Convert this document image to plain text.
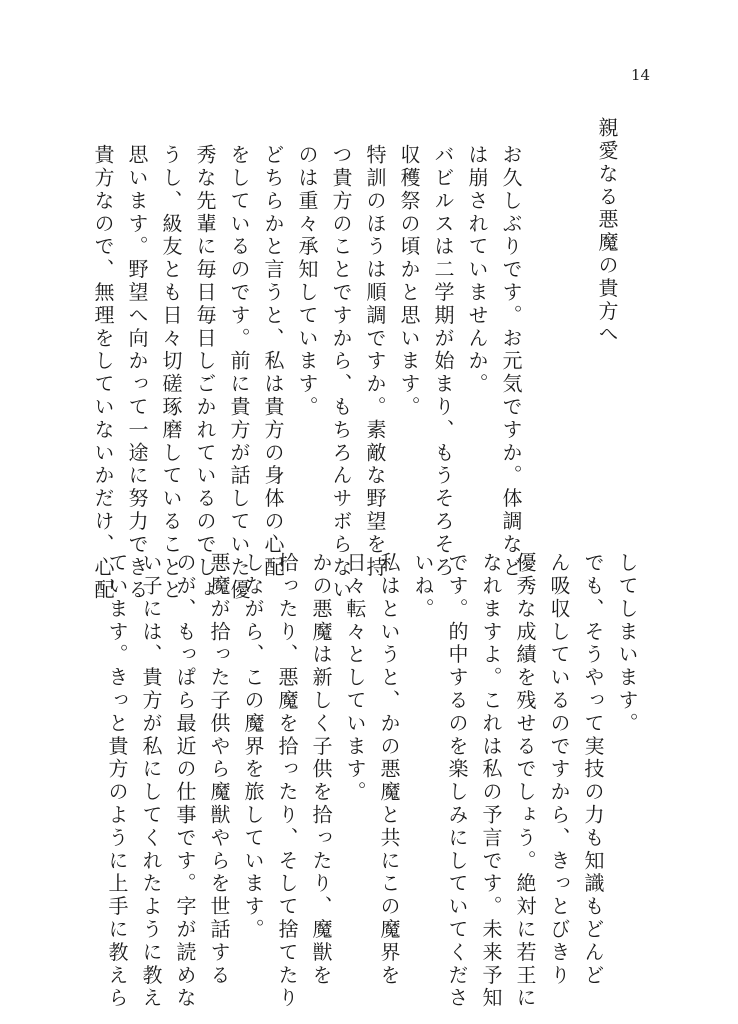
14
親愛なる悪魔の貴方へ

お久しぶりです。お元気ですか。体調など
は崩されていませんか。

バビルスは二学期が始まり、もうそろそろ
収穫祭の頃かと思います。

特訓のほうは順調ですか。素敵な野望を持
つ貴方のことですから、もちろんサボらない
のは重々承知しています。

どちらかと言うと、私は貴方の身体の心配
をしているのです。前に貴方が話していた優
秀な先輩に毎日毎日しごかれているのでしょ
うし、級友とも日々切磋琢磨していることと
思います。野望へ向かって一途に努力できる
貴方なので、無理をしていないかだけ、心配

してしまいます。

でも、そうやって実技の力も知識もどんど
ん吸収しているのですから、きっとびきり
優秀な成績を残せるでしょう。絶対に若王に
なれますよ。これは私の予言です。未来予知
です。的中するのを楽しみにしていてくださ
いね。

私はというと、かの悪魔と共にこの魔界を
日々転々としています。

かの悪魔は新しく子供を拾ったり、魔獣を
拾ったり、悪魔を拾ったり、そして捨てたり
しながら、この魔界を旅しています。

悪魔が拾った子供やら魔獣やらを世話する
のが、もっぱら最近の仕事です。字が読めな
い子には、貴方が私にしてくれたように教え
ています。きっと貴方のように上手に教えら
